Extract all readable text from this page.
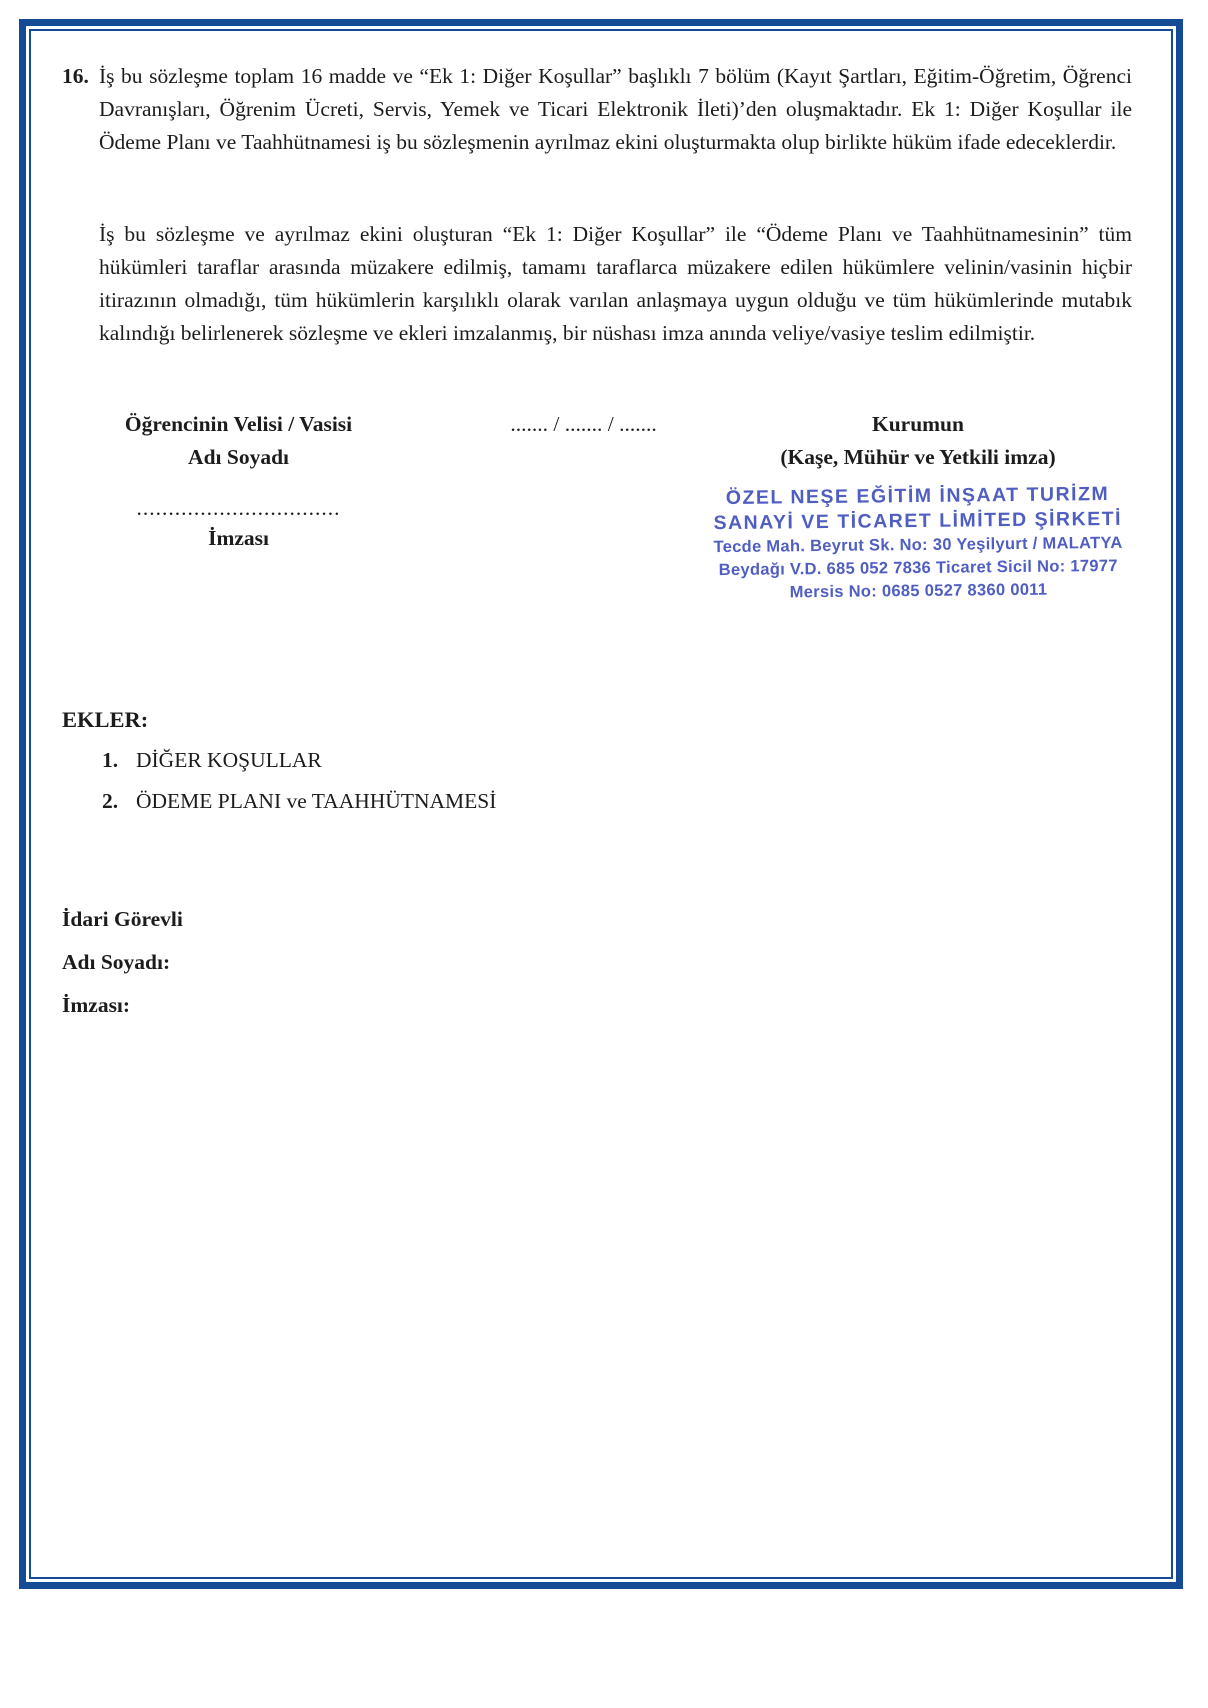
16. İş bu sözleşme toplam 16 madde ve “Ek 1: Diğer Koşullar” başlıklı 7 bölüm (Kayıt Şartları, Eğitim-Öğretim, Öğrenci Davranışları, Öğrenim Ücreti, Servis, Yemek ve Ticari Elektronik İleti)’den oluşmaktadır. Ek 1: Diğer Koşullar ile Ödeme Planı ve Taahhütnamesi iş bu sözleşmenin ayrılmaz ekini oluşturmakta olup birlikte hüküm ifade edeceklerdir.
İş bu sözleşme ve ayrılmaz ekini oluşturan “Ek 1: Diğer Koşullar” ile “Ödeme Planı ve Taahhütnamesinin” tüm hükümleri taraflar arasında müzakere edilmiş, tamamı taraflarca müzakere edilen hükümlere velinin/vasinin hiçbir itirazının olmadığı, tüm hükümlerin karşılıklı olarak varılan anlaşmaya uygun olduğu ve tüm hükümlerinde mutabık kalındığı belirlenerek sözleşme ve ekleri imzalanmış, bir nüshası imza anında veliye/vasiye teslim edilmiştir.
Öğrencinin Velisi / Vasisi
Adı Soyadı
................................
İmzası
....... / ....... / .......	Kurumun
(Kaşe, Mühür ve Yetkili imza)
ÖZEL NEŞE EĞİTİM İNŞAAT TURİZM
SANAYİ VE TİCARET LİMİTED ŞİRKETİ
Tecde Mah. Beyrut Sk. No: 30 Yeşilyurt / MALATYA
Beydağı V.D. 685 052 7836 Ticaret Sicil No: 17977
Mersis No: 0685 0527 8360 0011
EKLER:
1. DİĞER KOŞULLAR
2. ÖDEME PLANI ve TAAHHÜTNAMESİ
İdari Görevli
Adı Soyadı:
İmzası:
